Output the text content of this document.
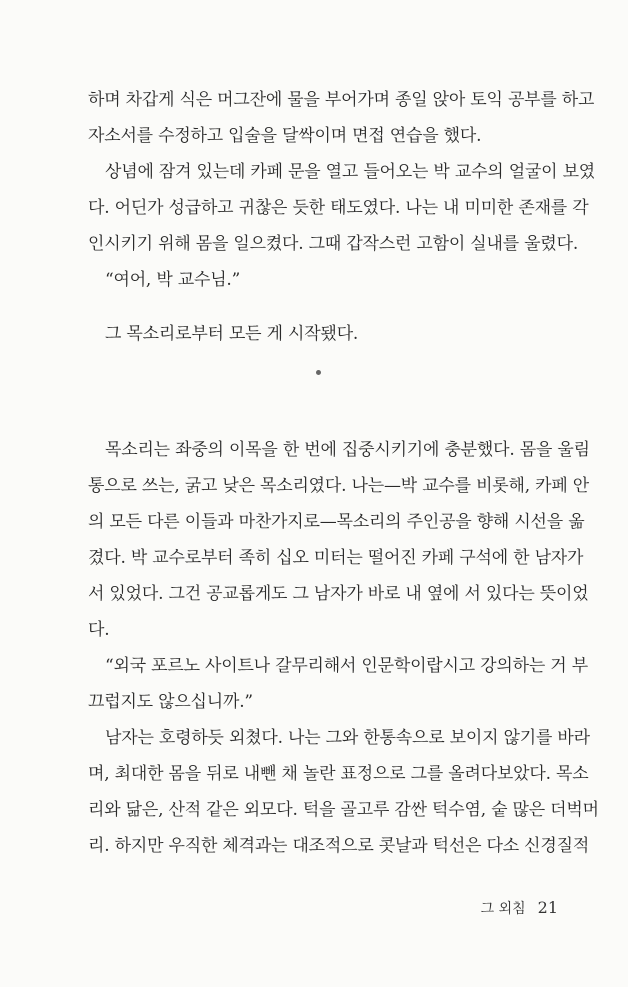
하며 차갑게 식은 머그잔에 물을 부어가며 종일 앉아 토익 공부를 하고
자소서를 수정하고 입술을 달싹이며 면접 연습을 했다.
상념에 잠겨 있는데 카페 문을 열고 들어오는 박 교수의 얼굴이 보였
다. 어딘가 성급하고 귀찮은 듯한 태도였다. 나는 내 미미한 존재를 각
인시키기 위해 몸을 일으켰다. 그때 갑작스런 고함이 실내를 울렸다.
“여어, 박 교수님.”
그 목소리로부터 모든 게 시작됐다.
목소리는 좌중의 이목을 한 번에 집중시키기에 충분했다. 몸을 울림
통으로 쓰는, 굵고 낮은 목소리였다. 나는—박 교수를 비롯해, 카페 안
의 모든 다른 이들과 마찬가지로—목소리의 주인공을 향해 시선을 옮
겼다. 박 교수로부터 족히 십오 미터는 떨어진 카페 구석에 한 남자가
서 있었다. 그건 공교롭게도 그 남자가 바로 내 옆에 서 있다는 뜻이었
다.
“외국 포르노 사이트나 갈무리해서 인문학이랍시고 강의하는 거 부
끄럽지도 않으십니까.”
남자는 호령하듯 외쳤다. 나는 그와 한통속으로 보이지 않기를 바라
며, 최대한 몸을 뒤로 내뺀 채 놀란 표정으로 그를 올려다보았다. 목소
리와 닮은, 산적 같은 외모다. 턱을 골고루 감싼 턱수염, 숱 많은 더벅머
리. 하지만 우직한 체격과는 대조적으로 콧날과 턱선은 다소 신경질적
그 외침 21
